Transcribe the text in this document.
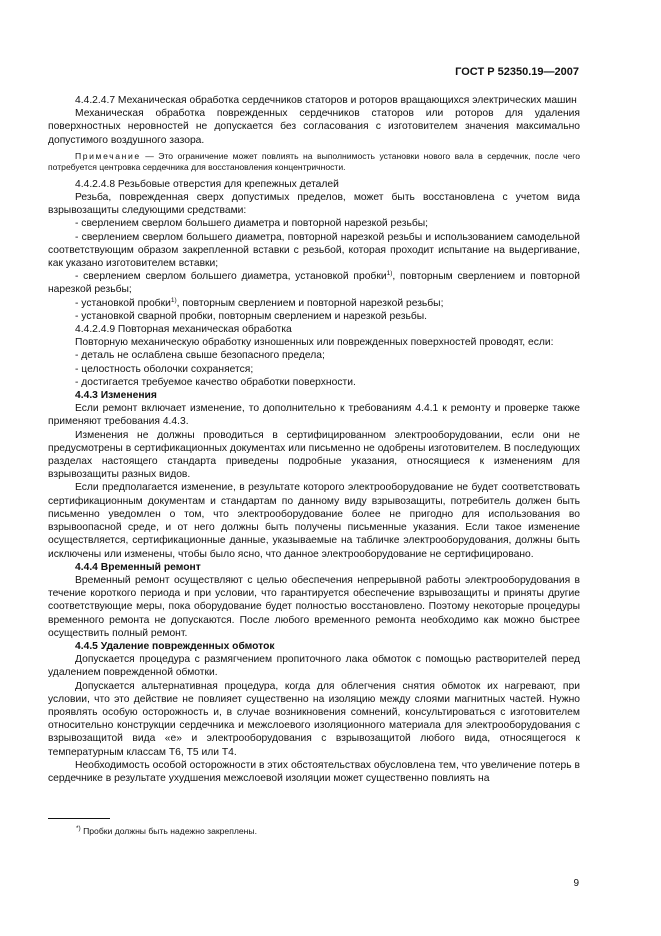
ГОСТ Р 52350.19—2007

4.4.2.4.7 Механическая обработка сердечников статоров и роторов вращающихся электрических машин

Механическая обработка поврежденных сердечников статоров или роторов для удаления поверхностных неровностей не допускается без согласования с изготовителем значения максимально допустимого воздушного зазора.

Примечание — Это ограничение может повлиять на выполнимость установки нового вала в сердечник, после чего потребуется центровка сердечника для восстановления концентричности.

4.4.2.4.8 Резьбовые отверстия для крепежных деталей

Резьба, поврежденная сверх допустимых пределов, может быть восстановлена с учетом вида взрывозащиты следующими средствами:

- сверлением сверлом большего диаметра и повторной нарезкой резьбы;

- сверлением сверлом большего диаметра, повторной нарезкой резьбы и использованием самодельной соответствующим образом закрепленной вставки с резьбой, которая проходит испытание на выдергивание, как указано изготовителем вставки;

- сверлением сверлом большего диаметра, установкой пробки$^{1)}$, повторным сверлением и повторной нарезкой резьбы;

- установкой пробки$^{1)}$, повторным сверлением и повторной нарезкой резьбы;

- установкой сварной пробки, повторным сверлением и нарезкой резьбы.

4.4.2.4.9 Повторная механическая обработка

Повторную механическую обработку изношенных или поврежденных поверхностей проводят, если:

- деталь не ослаблена свыше безопасного предела;

- целостность оболочки сохраняется;

- достигается требуемое качество обработки поверхности.

4.4.3 Изменения

Если ремонт включает изменение, то дополнительно к требованиям 4.4.1 к ремонту и проверке также применяют требования 4.4.3.

Изменения не должны проводиться в сертифицированном электрооборудовании, если они не предусмотрены в сертификационных документах или письменно не одобрены изготовителем. В последующих разделах настоящего стандарта приведены подробные указания, относящиеся к изменениям для взрывозащиты разных видов.

Если предполагается изменение, в результате которого электрооборудование не будет соответствовать сертификационным документам и стандартам по данному виду взрывозащиты, потребитель должен быть письменно уведомлен о том, что электрооборудование более не пригодно для использования во взрывоопасной среде, и от него должны быть получены письменные указания. Если такое изменение осуществляется, сертификационные данные, указываемые на табличке электрооборудования, должны быть исключены или изменены, чтобы было ясно, что данное электрооборудование не сертифицировано.

4.4.4 Временный ремонт

Временный ремонт осуществляют с целью обеспечения непрерывной работы электрооборудования в течение короткого периода и при условии, что гарантируется обеспечение взрывозащиты и приняты другие соответствующие меры, пока оборудование будет полностью восстановлено. Поэтому некоторые процедуры временного ремонта не допускаются. После любого временного ремонта необходимо как можно быстрее осуществить полный ремонт.

4.4.5 Удаление поврежденных обмоток

Допускается процедура с размягчением пропиточного лака обмоток с помощью растворителей перед удалением поврежденной обмотки.

Допускается альтернативная процедура, когда для облегчения снятия обмоток их нагревают, при условии, что это действие не повлияет существенно на изоляцию между слоями магнитных частей. Нужно проявлять особую осторожность и, в случае возникновения сомнений, консультироваться с изготовителем относительно конструкции сердечника и межслоевого изоляционного материала для электрооборудования с взрывозащитой вида «е» и электрооборудования с взрывозащитой любого вида, относящегося к температурным классам Т6, Т5 или Т4.

Необходимость особой осторожности в этих обстоятельствах обусловлена тем, что увеличение потерь в сердечнике в результате ухудшения межслоевой изоляции может существенно повлиять на

*) Пробки должны быть надежно закреплены.
9
